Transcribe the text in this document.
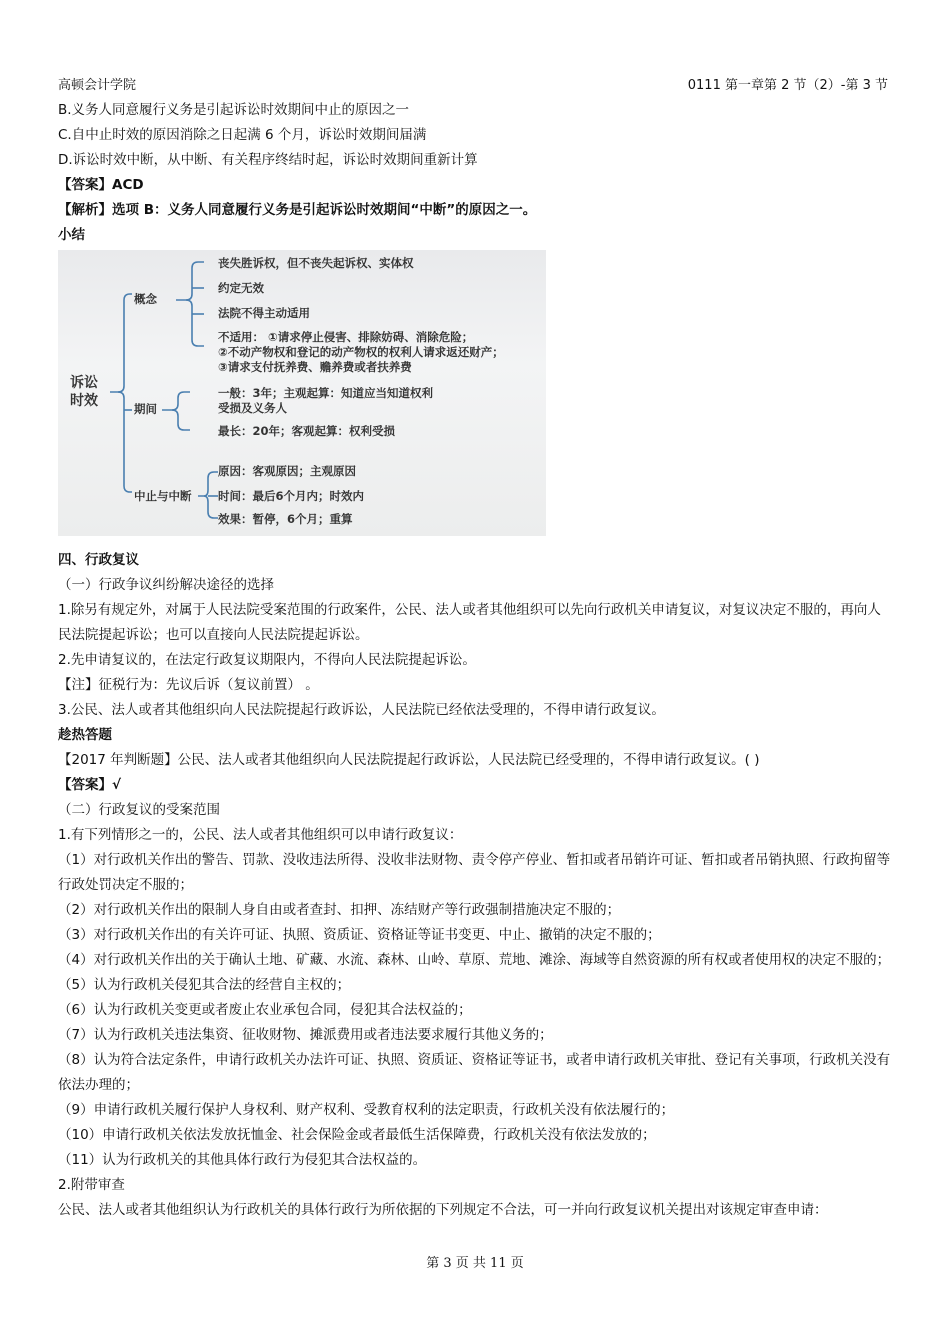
高顿会计学院	0111 第一章第 2 节（2）-第 3 节

B.义务人同意履行义务是引起诉讼时效期间中止的原因之一

C.自中止时效的原因消除之日起满 6 个月，诉讼时效期间届满

D.诉讼时效中断，从中断、有关程序终结时起，诉讼时效期间重新计算

【答案】ACD

【解析】选项 B：义务人同意履行义务是引起诉讼时效期间“中断”的原因之一。

小结

诉讼
时效
概念
丧失胜诉权，但不丧失起诉权、实体权
约定无效
法院不得主动适用
不适用： ①请求停止侵害、排除妨碍、消除危险；
②不动产物权和登记的动产物权的权利人请求返还财产；
③请求支付抚养费、赡养费或者扶养费
期间
一般：3年；主观起算：知道应当知道权利
受损及义务人
最长：20年；客观起算：权利受损
中止与中断
原因：客观原因；主观原因
时间：最后6个月内；时效内
效果：暂停，6个月；重算

四、行政复议

（一）行政争议纠纷解决途径的选择

1.除另有规定外，对属于人民法院受案范围的行政案件，公民、法人或者其他组织可以先向行政机关申请复议，对复议决定不服的，再向人民法院提起诉讼；也可以直接向人民法院提起诉讼。

2.先申请复议的，在法定行政复议期限内，不得向人民法院提起诉讼。

【注】征税行为：先议后诉（复议前置） 。

3.公民、法人或者其他组织向人民法院提起行政诉讼，人民法院已经依法受理的，不得申请行政复议。

趁热答题

【2017 年判断题】公民、法人或者其他组织向人民法院提起行政诉讼，人民法院已经受理的，不得申请行政复议。( )

【答案】√

（二）行政复议的受案范围

1.有下列情形之一的，公民、法人或者其他组织可以申请行政复议：

（1）对行政机关作出的警告、罚款、没收违法所得、没收非法财物、责令停产停业、暂扣或者吊销许可证、暂扣或者吊销执照、行政拘留等行政处罚决定不服的；

（2）对行政机关作出的限制人身自由或者查封、扣押、冻结财产等行政强制措施决定不服的；

（3）对行政机关作出的有关许可证、执照、资质证、资格证等证书变更、中止、撤销的决定不服的；

（4）对行政机关作出的关于确认土地、矿藏、水流、森林、山岭、草原、荒地、滩涂、海域等自然资源的所有权或者使用权的决定不服的；

（5）认为行政机关侵犯其合法的经营自主权的；

（6）认为行政机关变更或者废止农业承包合同，侵犯其合法权益的；

（7）认为行政机关违法集资、征收财物、摊派费用或者违法要求履行其他义务的；

（8）认为符合法定条件，申请行政机关办法许可证、执照、资质证、资格证等证书，或者申请行政机关审批、登记有关事项，行政机关没有依法办理的；

（9）申请行政机关履行保护人身权利、财产权利、受教育权利的法定职责，行政机关没有依法履行的；

（10）申请行政机关依法发放抚恤金、社会保险金或者最低生活保障费，行政机关没有依法发放的；

（11）认为行政机关的其他具体行政行为侵犯其合法权益的。

2.附带审查

公民、法人或者其他组织认为行政机关的具体行政行为所依据的下列规定不合法，可一并向行政复议机关提出对该规定审查申请：

第 3 页 共 11 页
